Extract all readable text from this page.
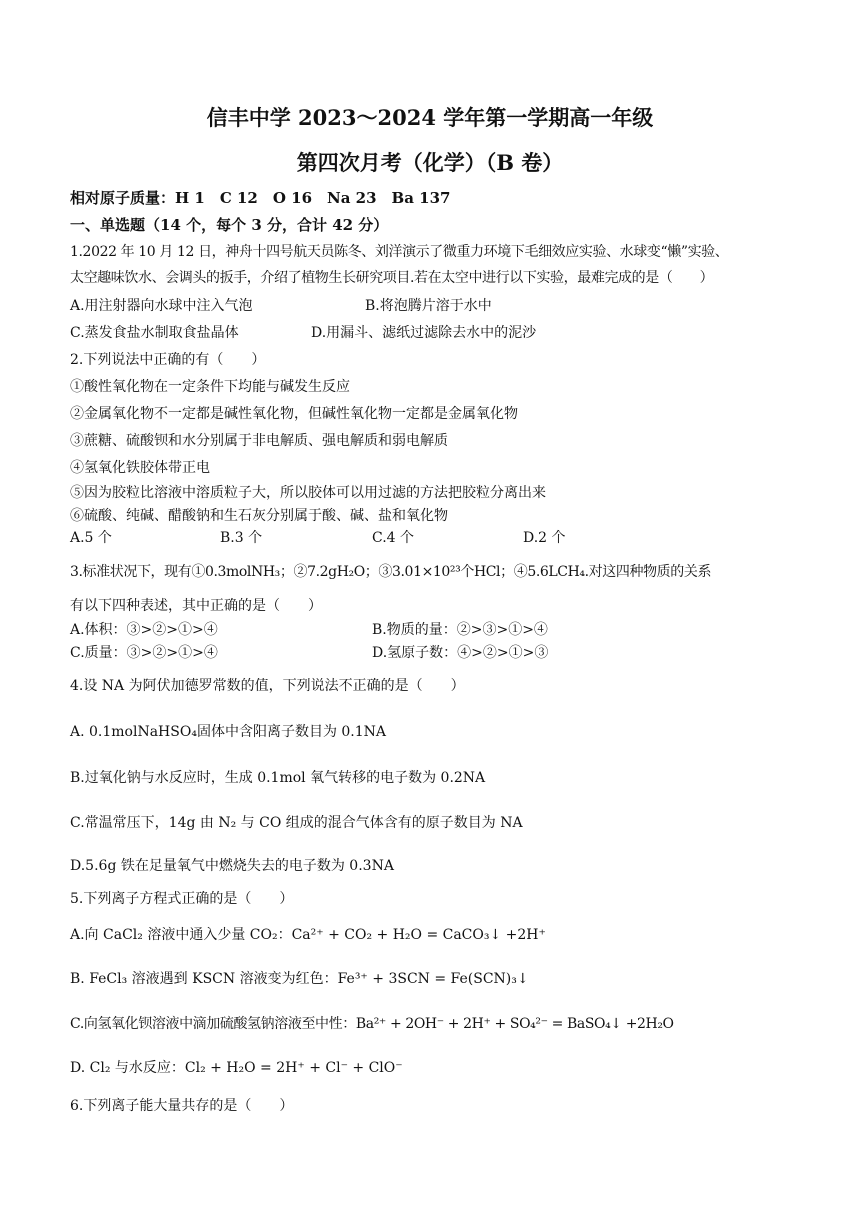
信丰中学 2023～2024 学年第一学期高一年级
第四次月考（化学）（B 卷）
相对原子质量：H 1　C 12　O 16　Na 23　Ba 137
一、单选题（14 个，每个 3 分，合计 42 分）
1.2022 年 10 月 12 日，神舟十四号航天员陈冬、刘洋演示了微重力环境下毛细效应实验、水球变“懒”实验、
太空趣味饮水、会调头的扳手，介绍了植物生长研究项目.若在太空中进行以下实验，最难完成的是（　　）
A.用注射器向水球中注入气泡	B.将泡腾片溶于水中
C.蒸发食盐水制取食盐晶体	D.用漏斗、滤纸过滤除去水中的泥沙
2.下列说法中正确的有（　　）
①酸性氧化物在一定条件下均能与碱发生反应
②金属氧化物不一定都是碱性氧化物，但碱性氧化物一定都是金属氧化物
③蔗糖、硫酸钡和水分别属于非电解质、强电解质和弱电解质
④氢氧化铁胶体带正电
⑤因为胶粒比溶液中溶质粒子大，所以胶体可以用过滤的方法把胶粒分离出来
⑥硫酸、纯碱、醋酸钠和生石灰分别属于酸、碱、盐和氧化物
A.5 个	B.3 个	C.4 个	D.2 个
3.标准状况下，现有①0.3molNH₃；②7.2gH₂O；③3.01×10²³个HCl；④5.6LCH₄.对这四种物质的关系
有以下四种表述，其中正确的是（　　）
A.体积：③>②>①>④	B.物质的量：②>③>①>④
C.质量：③>②>①>④	D.氢原子数：④>②>①>③
4.设 NA 为阿伏加德罗常数的值，下列说法不正确的是（　　）
A. 0.1molNaHSO₄固体中含阳离子数目为 0.1NA
B.过氧化钠与水反应时，生成 0.1mol 氧气转移的电子数为 0.2NA
C.常温常压下，14g 由 N₂ 与 CO 组成的混合气体含有的原子数目为 NA
D.5.6g 铁在足量氧气中燃烧失去的电子数为 0.3NA
5.下列离子方程式正确的是（　　）
A.向 CaCl₂ 溶液中通入少量 CO₂：Ca²⁺ + CO₂ + H₂O = CaCO₃↓ +2H⁺
B. FeCl₃ 溶液遇到 KSCN 溶液变为红色：Fe³⁺ + 3SCN = Fe(SCN)₃↓
C.向氢氧化钡溶液中滴加硫酸氢钠溶液至中性：Ba²⁺ + 2OH⁻ + 2H⁺ + SO₄²⁻ = BaSO₄↓ +2H₂O
D. Cl₂ 与水反应：Cl₂ + H₂O = 2H⁺ + Cl⁻ + ClO⁻
6.下列离子能大量共存的是（　　）
